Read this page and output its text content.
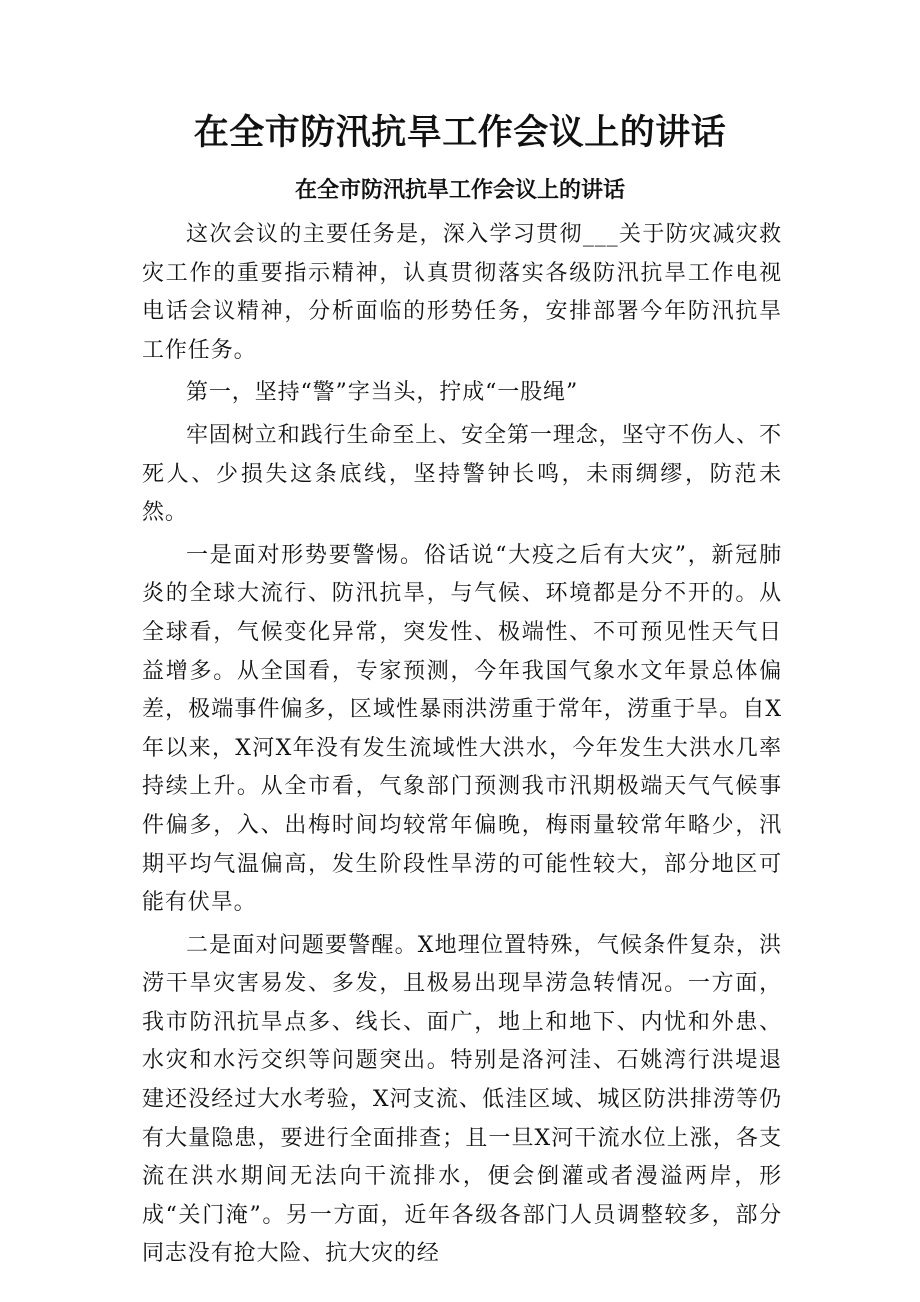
在全市防汛抗旱工作会议上的讲话
在全市防汛抗旱工作会议上的讲话

这次会议的主要任务是，深入学习贯彻___关于防灾减灾救灾工作的重要指示精神，认真贯彻落实各级防汛抗旱工作电视电话会议精神，分析面临的形势任务，安排部署今年防汛抗旱工作任务。

第一，坚持“警”字当头，拧成“一股绳”

牢固树立和践行生命至上、安全第一理念，坚守不伤人、不死人、少损失这条底线，坚持警钟长鸣，未雨绸缪，防范未然。

一是面对形势要警惕。俗话说“大疫之后有大灾”，新冠肺炎的全球大流行、防汛抗旱，与气候、环境都是分不开的。从全球看，气候变化异常，突发性、极端性、不可预见性天气日益增多。从全国看，专家预测，今年我国气象水文年景总体偏差，极端事件偏多，区域性暴雨洪涝重于常年，涝重于旱。自X年以来，X河X年没有发生流域性大洪水，今年发生大洪水几率持续上升。从全市看，气象部门预测我市汛期极端天气气候事件偏多，入、出梅时间均较常年偏晚，梅雨量较常年略少，汛期平均气温偏高，发生阶段性旱涝的可能性较大，部分地区可能有伏旱。

二是面对问题要警醒。X地理位置特殊，气候条件复杂，洪涝干旱灾害易发、多发，且极易出现旱涝急转情况。一方面，我市防汛抗旱点多、线长、面广，地上和地下、内忧和外患、水灾和水污交织等问题突出。特别是洛河洼、石姚湾行洪堤退建还没经过大水考验，X河支流、低洼区域、城区防洪排涝等仍有大量隐患，要进行全面排查；且一旦X河干流水位上涨，各支流在洪水期间无法向干流排水，便会倒灌或者漫溢两岸，形成“关门淹”。另一方面，近年各级各部门人员调整较多，部分同志没有抢大险、抗大灾的经
